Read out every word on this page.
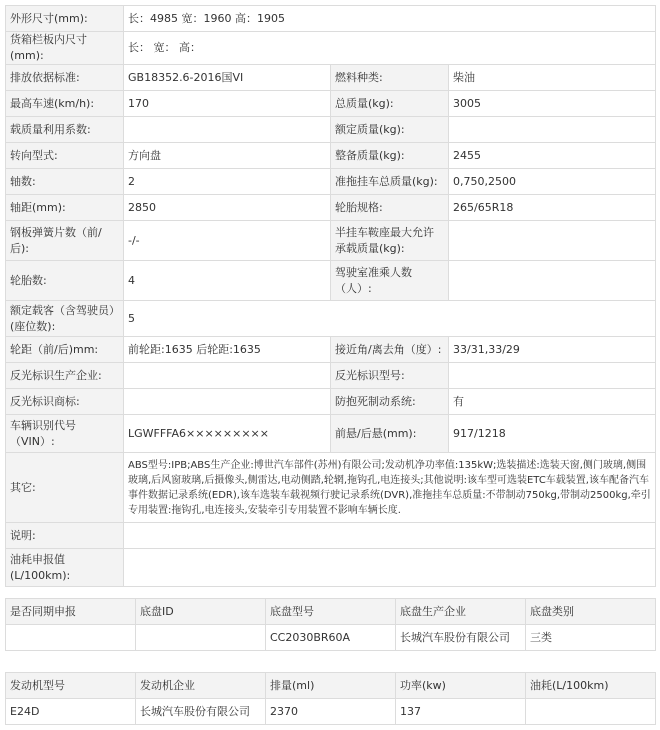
外形尺寸(mm):	长：4985 宽：1960 高：1905		
货箱栏板内尺寸(mm):	长： 宽： 高：		
排放依据标准:	GB18352.6-2016国VI	燃料种类:	柴油
最高车速(km/h):	170	总质量(kg):	3005
载质量利用系数:		额定质量(kg):	
转向型式:	方向盘	整备质量(kg):	2455
轴数:	2	准拖挂车总质量(kg):	0,750,2500
轴距(mm):	2850	轮胎规格:	265/65R18
钢板弹簧片数（前/后):	-/-	半挂车鞍座最大允许承载质量(kg):	
轮胎数:	4	驾驶室准乘人数（人）:	
额定载客（含驾驶员）(座位数):	5		
轮距（前/后)mm:	前轮距:1635 后轮距:1635	接近角/离去角（度）:	33/31,33/29
反光标识生产企业:		反光标识型号:	
反光标识商标:		防抱死制动系统:	有
车辆识别代号（VIN）:	LGWFFFA6×××××××××	前悬/后悬(mm):	917/1218
其它:	ABS型号:IPB;ABS生产企业:博世汽车部件(苏州)有限公司;发动机净功率值:135kW;选装描述:选装天窗,侧门玻璃,侧围玻璃,后风窗玻璃,后摄像头,侧雷达,电动侧踏,轮辋,拖钩孔,电连接头;其他说明:该车型可选装ETC车载装置,该车配备汽车事件数据记录系统(EDR),该车选装车载视频行驶记录系统(DVR),准拖挂车总质量:不带制动750kg,带制动2500kg,牵引专用装置:拖钩孔,电连接头,安装牵引专用装置不影响车辆长度.		
说明:			
油耗申报值(L/100km):			
是否同期申报	底盘ID	底盘型号	底盘生产企业	底盘类别
		CC2030BR60A	长城汽车股份有限公司	三类
发动机型号	发动机企业	排量(ml)	功率(kw)	油耗(L/100km)
E24D	长城汽车股份有限公司	2370	137	
